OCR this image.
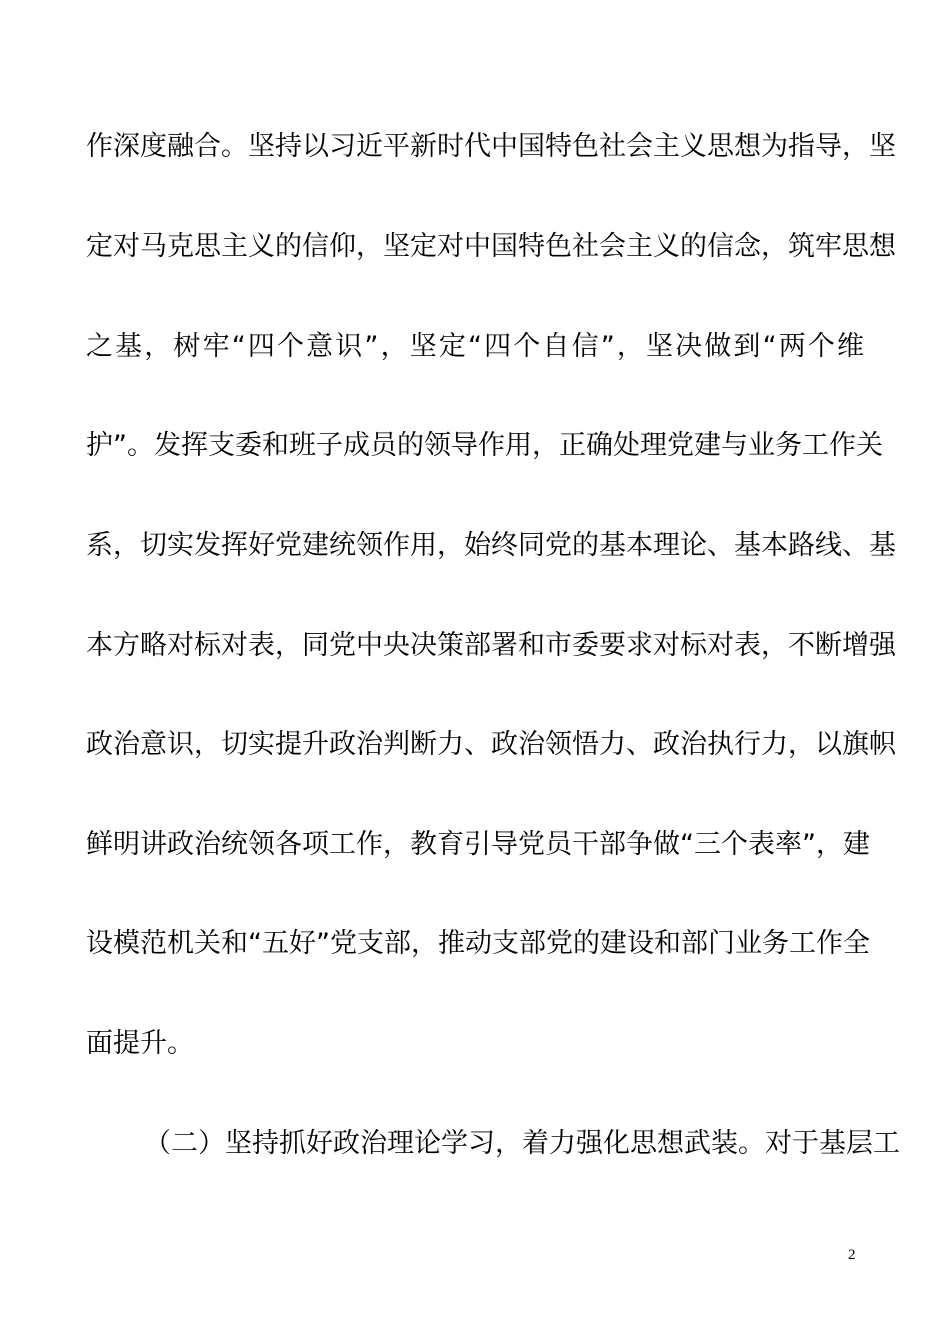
作深度融合。坚持以习近平新时代中国特色社会主义思想为指导，坚
定对马克思主义的信仰，坚定对中国特色社会主义的信念，筑牢思想
之基，树牢“四个意识”，坚定“四个自信”，坚决做到“两个维
护”。发挥支委和班子成员的领导作用，正确处理党建与业务工作关
系，切实发挥好党建统领作用，始终同党的基本理论、基本路线、基
本方略对标对表，同党中央决策部署和市委要求对标对表，不断增强
政治意识，切实提升政治判断力、政治领悟力、政治执行力，以旗帜
鲜明讲政治统领各项工作，教育引导党员干部争做“三个表率”，建
设模范机关和“五好”党支部，推动支部党的建设和部门业务工作全
面提升。
（二）坚持抓好政治理论学习，着力强化思想武装。对于基层工
2
